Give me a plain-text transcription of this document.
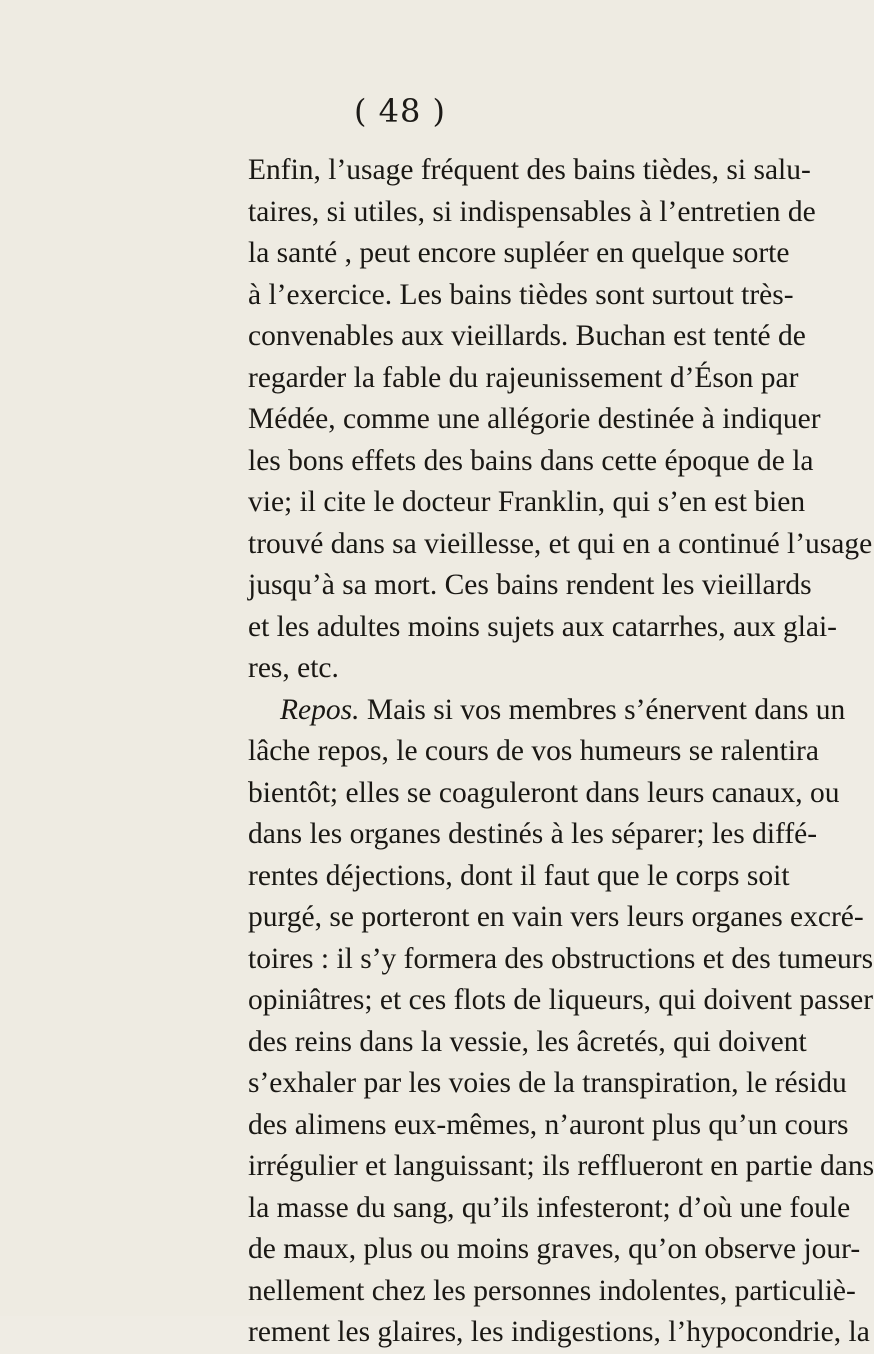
( 48 )
Enfin, l’usage fréquent des bains tièdes, si salu-
taires, si utiles, si indispensables à l’entretien de
la santé , peut encore supléer en quelque sorte
à l’exercice. Les bains tièdes sont surtout très-
convenables aux vieillards. Buchan est tenté de
regarder la fable du rajeunissement d’Éson par
Médée, comme une allégorie destinée à indiquer
les bons effets des bains dans cette époque de la
vie; il cite le docteur Franklin, qui s’en est bien
trouvé dans sa vieillesse, et qui en a continué l’usage
jusqu’à sa mort. Ces bains rendent les vieillards
et les adultes moins sujets aux catarrhes, aux glai-
res, etc.
Repos. Mais si vos membres s’énervent dans un
lâche repos, le cours de vos humeurs se ralentira
bientôt; elles se coaguleront dans leurs canaux, ou
dans les organes destinés à les séparer; les diffé-
rentes déjections, dont il faut que le corps soit
purgé, se porteront en vain vers leurs organes excré-
toires : il s’y formera des obstructions et des tumeurs
opiniâtres; et ces flots de liqueurs, qui doivent passer
des reins dans la vessie, les âcretés, qui doivent
s’exhaler par les voies de la transpiration, le résidu
des alimens eux-mêmes, n’auront plus qu’un cours
irrégulier et languissant; ils refflueront en partie dans
la masse du sang, qu’ils infesteront; d’où une foule
de maux, plus ou moins graves, qu’on observe jour-
nellement chez les personnes indolentes, particuliè-
rement les glaires, les indigestions, l’hypocondrie, la
